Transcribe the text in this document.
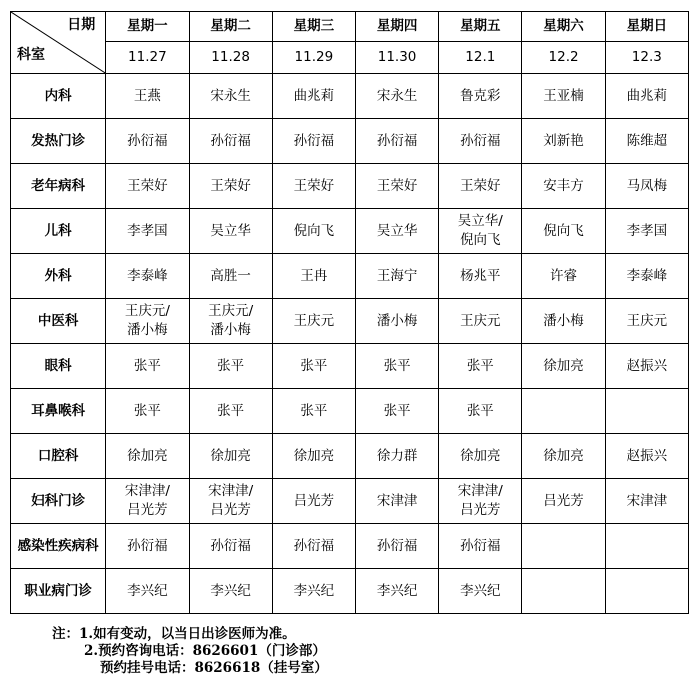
日期
科室	星期一	星期二	星期三	星期四	星期五	星期六	星期日
	11.27	11.28	11.29	11.30	12.1	12.2	12.3
内科	王燕	宋永生	曲兆莉	宋永生	鲁克彩	王亚楠	曲兆莉

发热门诊	孙衍福	孙衍福	孙衍福	孙衍福	孙衍福	刘新艳	陈维超

老年病科	王荣好	王荣好	王荣好	王荣好	王荣好	安丰方	马凤梅

儿科	李孝国	吴立华	倪向飞	吴立华	吴立华/
倪向飞	倪向飞	李孝国

外科	李泰峰	高胜一	王冉	王海宁	杨兆平	许睿	李泰峰

中医科	王庆元/
潘小梅	王庆元/
潘小梅	王庆元	潘小梅	王庆元	潘小梅	王庆元

眼科	张平	张平	张平	张平	张平	徐加亮	赵振兴

耳鼻喉科	张平	张平	张平	张平	张平		

口腔科	徐加亮	徐加亮	徐加亮	徐力群	徐加亮	徐加亮	赵振兴

妇科门诊	宋津津/
吕光芳	宋津津/
吕光芳	吕光芳	宋津津	宋津津/
吕光芳	吕光芳	宋津津

感染性疾病科	孙衍福	孙衍福	孙衍福	孙衍福	孙衍福		

职业病门诊	李兴纪	李兴纪	李兴纪	李兴纪	李兴纪		

注：1.如有变动，以当日出诊医师为准。
2.预约咨询电话：8626601（门诊部）
预约挂号电话：8626618（挂号室）
